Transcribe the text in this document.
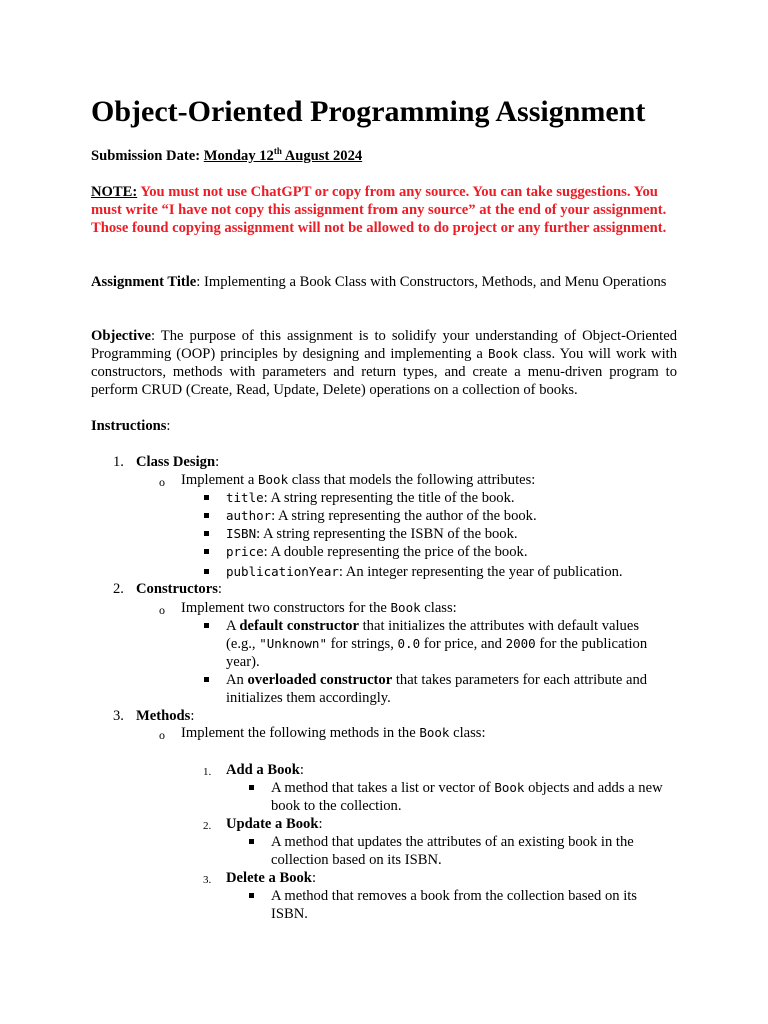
Object-Oriented Programming Assignment
Submission Date: Monday 12th August 2024
NOTE: You must not use ChatGPT or copy from any source. You can take suggestions. You must write “I have not copy this assignment from any source” at the end of your assignment. Those found copying assignment will not be allowed to do project or any further assignment.
Assignment Title: Implementing a Book Class with Constructors, Methods, and Menu Operations
Objective: The purpose of this assignment is to solidify your understanding of Object-Oriented Programming (OOP) principles by designing and implementing a Book class. You will work with constructors, methods with parameters and return types, and create a menu-driven program to perform CRUD (Create, Read, Update, Delete) operations on a collection of books.
Instructions:
1. Class Design:
o Implement a Book class that models the following attributes:
title: A string representing the title of the book.
author: A string representing the author of the book.
ISBN: A string representing the ISBN of the book.
price: A double representing the price of the book.
publicationYear: An integer representing the year of publication.
2. Constructors:
o Implement two constructors for the Book class:
A default constructor that initializes the attributes with default values
(e.g., "Unknown" for strings, 0.0 for price, and 2000 for the publication
year).
An overloaded constructor that takes parameters for each attribute and
initializes them accordingly.
3. Methods:
o Implement the following methods in the Book class:
1. Add a Book:
A method that takes a list or vector of Book objects and adds a new
book to the collection.
2. Update a Book:
A method that updates the attributes of an existing book in the
collection based on its ISBN.
3. Delete a Book:
A method that removes a book from the collection based on its
ISBN.
